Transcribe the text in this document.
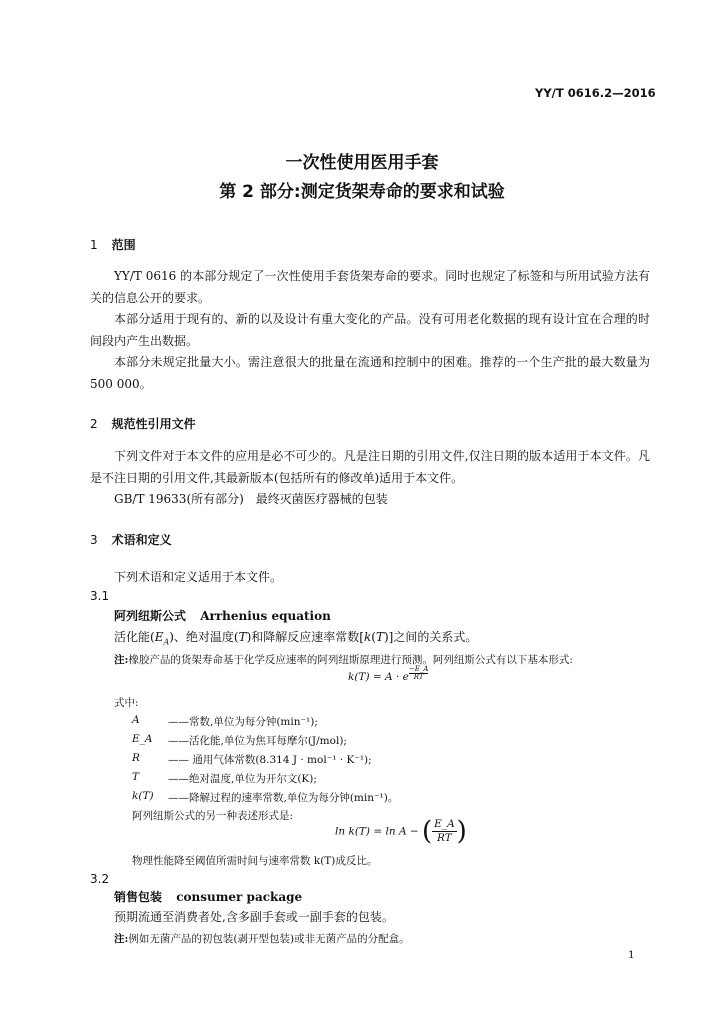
YY/T 0616.2—2016
一次性使用医用手套
第 2 部分:测定货架寿命的要求和试验
1 范围
YY/T 0616 的本部分规定了一次性使用手套货架寿命的要求。同时也规定了标签和与所用试验方法有关的信息公开的要求。
本部分适用于现有的、新的以及设计有重大变化的产品。没有可用老化数据的现有设计宜在合理的时间段内产生出数据。
本部分未规定批量大小。需注意很大的批量在流通和控制中的困难。推荐的一个生产批的最大数量为 500 000。
2 规范性引用文件
下列文件对于本文件的应用是必不可少的。凡是注日期的引用文件,仅注日期的版本适用于本文件。凡是不注日期的引用文件,其最新版本(包括所有的修改单)适用于本文件。
GB/T 19633(所有部分)　最终灭菌医疗器械的包装
3 术语和定义
下列术语和定义适用于本文件。
3.1
阿列纽斯公式 Arrhenius equation
活化能$(E_A)$、绝对温度(T)和降解反应速率常数[k(T)]之间的关系式。
注:橡胶产品的货架寿命基于化学反应速率的阿列纽斯原理进行预测。阿列纽斯公式有以下基本形式:
k(T) = A · e $^{\frac{-E\_A}{RT}}$
式中:
A	——常数,单位为每分钟(min⁻¹);
E_A ——活化能,单位为焦耳每摩尔(J/mol);
R	—— 通用气体常数(8.314 J · mol⁻¹ · K⁻¹);
T	——绝对温度,单位为开尔文(K);
k(T) ——降解过程的速率常数,单位为每分钟(min⁻¹)。
阿列纽斯公式的另一种表述形式是:
ln k(T) = ln A − ( $\frac{E\_A}{RT}$ )
物理性能降至阈值所需时间与速率常数 k(T)成反比。
3.2
销售包装 consumer package
预期流通至消费者处,含多副手套或一副手套的包装。
注:例如无菌产品的初包装(剥开型包装)或非无菌产品的分配盒。
1
